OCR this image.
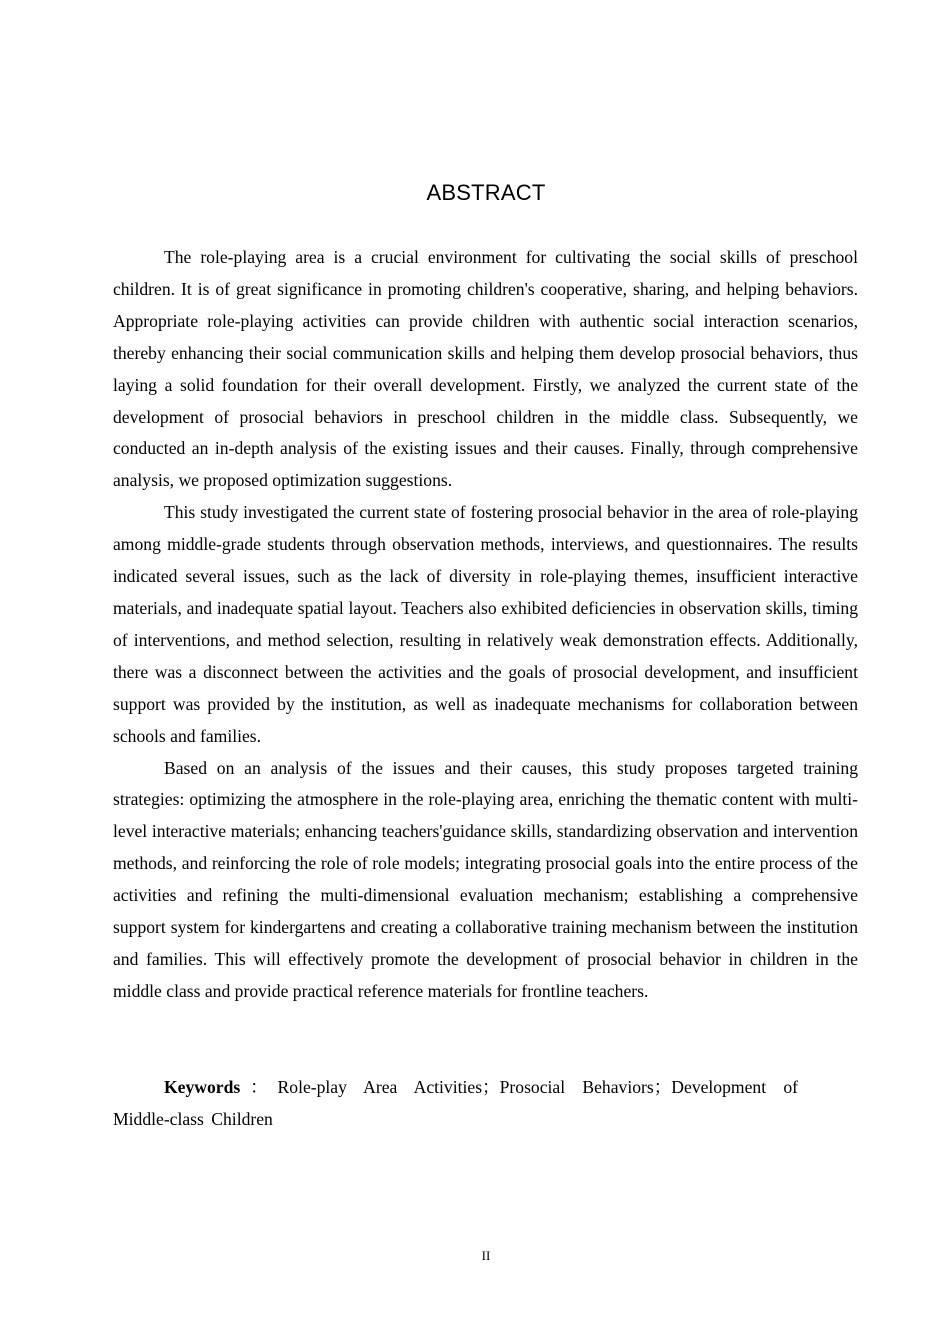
ABSTRACT

The role-playing area is a crucial environment for cultivating the social skills of preschool children. It is of great significance in promoting children's cooperative, sharing, and helping behaviors. Appropriate role-playing activities can provide children with authentic social interaction scenarios, thereby enhancing their social communication skills and helping them develop prosocial behaviors, thus laying a solid foundation for their overall development. Firstly, we analyzed the current state of the development of prosocial behaviors in preschool children in the middle class. Subsequently, we conducted an in-depth analysis of the existing issues and their causes. Finally, through comprehensive analysis, we proposed optimization suggestions.

This study investigated the current state of fostering prosocial behavior in the area of role-playing among middle-grade students through observation methods, interviews, and questionnaires. The results indicated several issues, such as the lack of diversity in role-playing themes, insufficient interactive materials, and inadequate spatial layout. Teachers also exhibited deficiencies in observation skills, timing of interventions, and method selection, resulting in relatively weak demonstration effects. Additionally, there was a disconnect between the activities and the goals of prosocial development, and insufficient support was provided by the institution, as well as inadequate mechanisms for collaboration between schools and families.

Based on an analysis of the issues and their causes, this study proposes targeted training strategies: optimizing the atmosphere in the role-playing area, enriching the thematic content with multi-level interactive materials; enhancing teachers'guidance skills, standardizing observation and intervention methods, and reinforcing the role of role models; integrating prosocial goals into the entire process of the activities and refining the multi-dimensional evaluation mechanism; establishing a comprehensive support system for kindergartens and creating a collaborative training mechanism between the institution and families. This will effectively promote the development of prosocial behavior in children in the middle class and provide practical reference materials for frontline teachers.

Keywords：Role-play Area Activities；Prosocial Behaviors；Development of Middle-class Children

II
